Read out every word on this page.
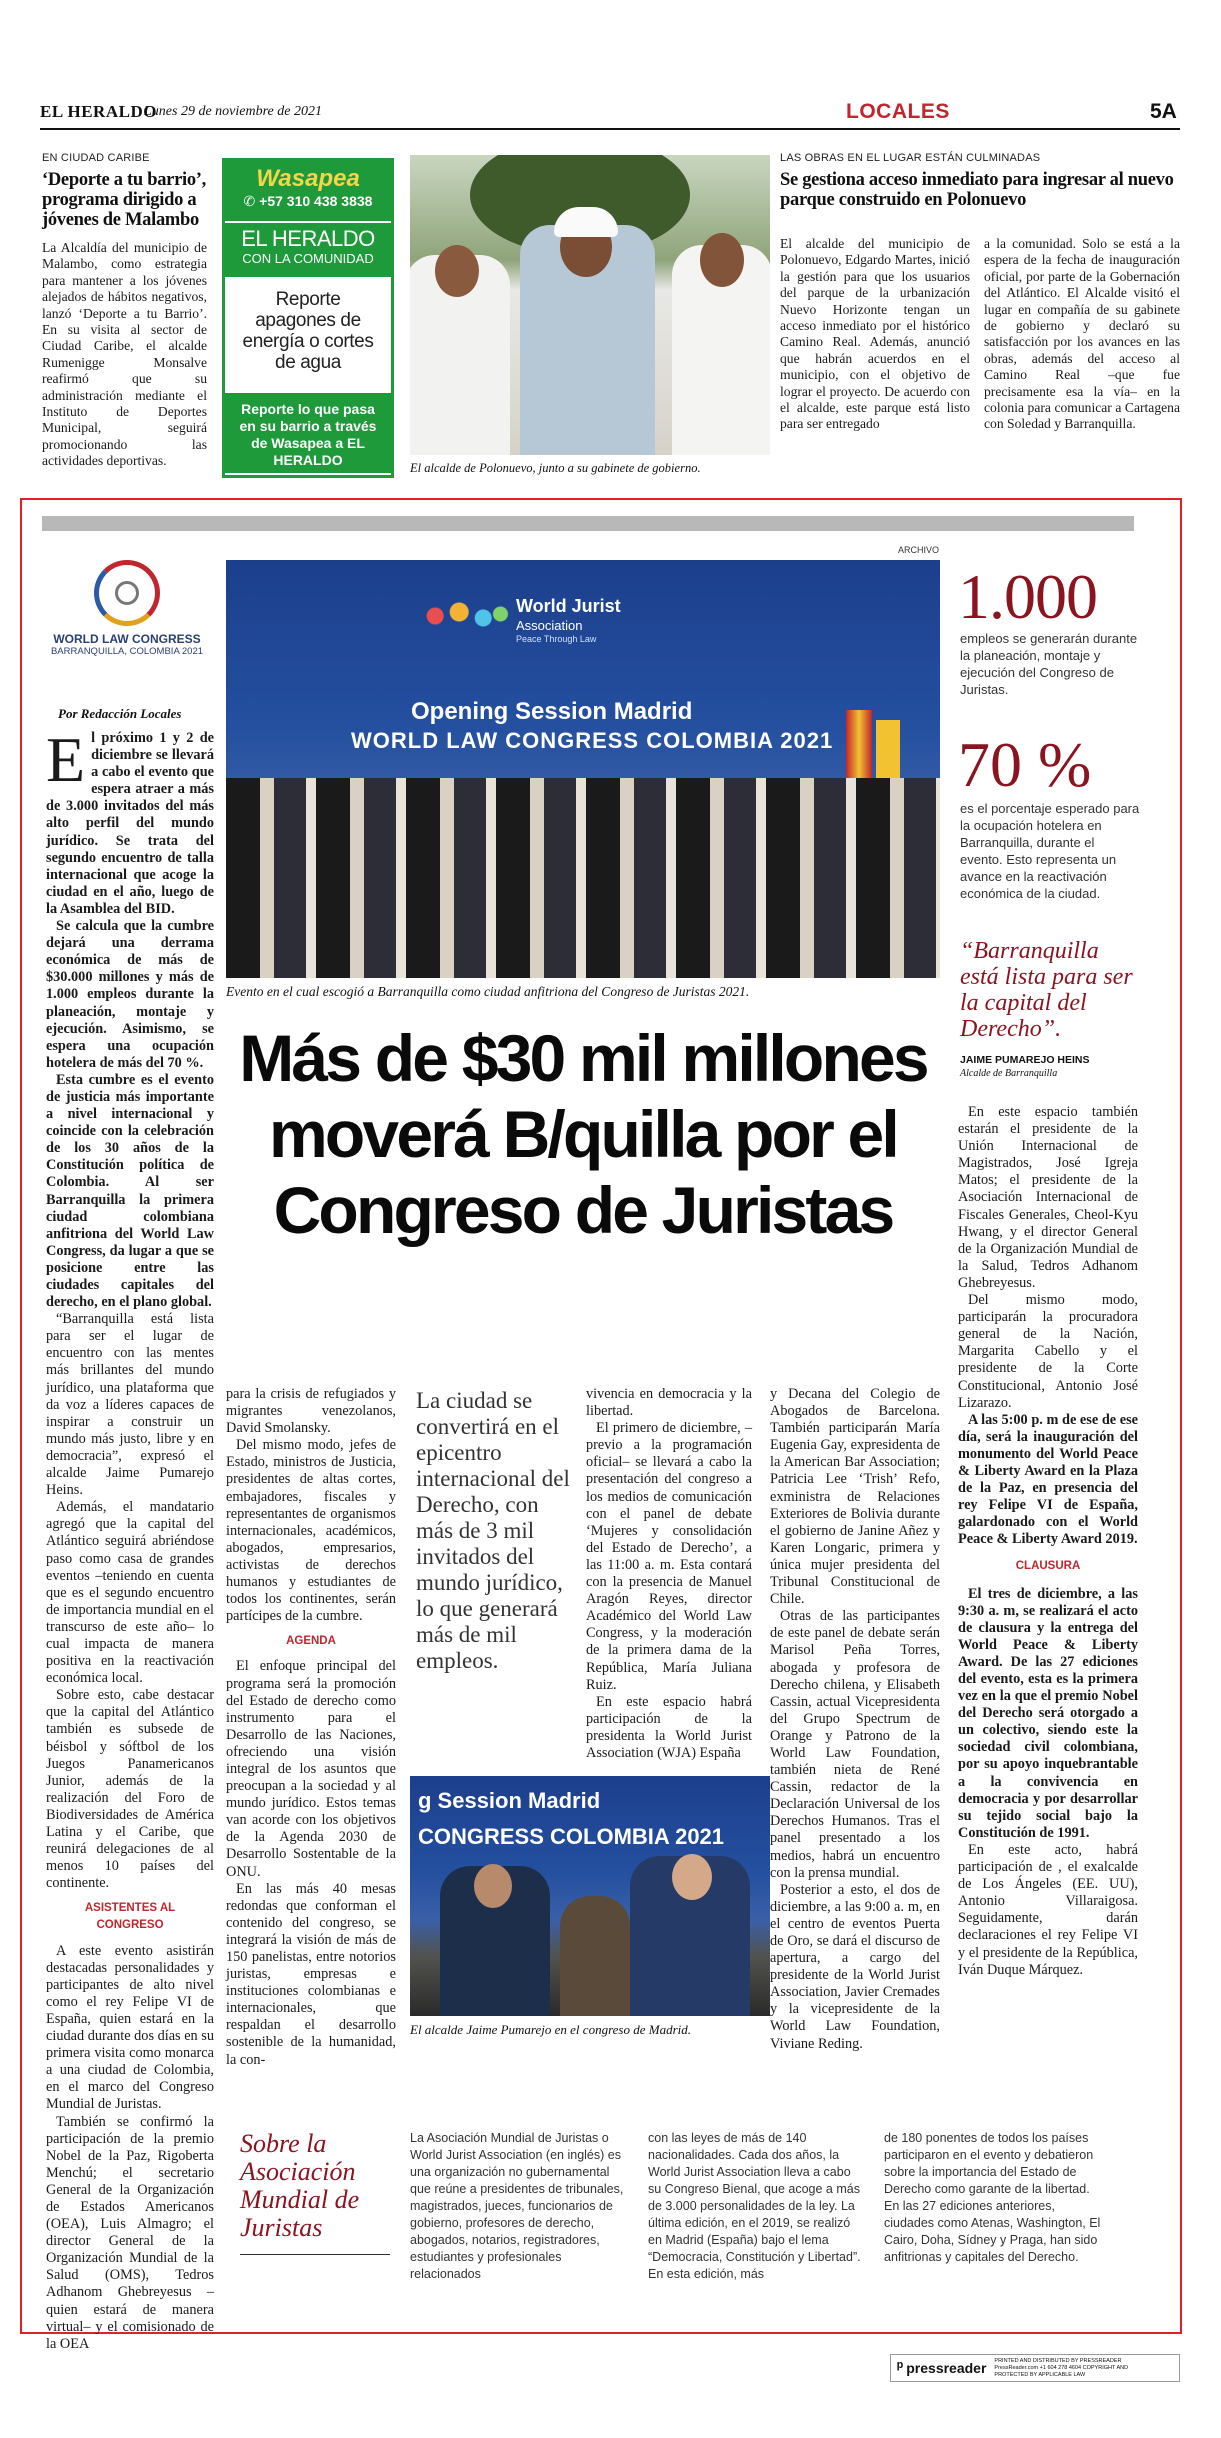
EL HERALDO
Lunes 29 de noviembre de 2021	LOCALES	5A
EN CIUDAD CARIBE
‘Deporte a tu barrio’, programa dirigido a jóvenes de Malambo
La Alcaldía del municipio de Malambo, como estrategia para mantener a los jóvenes alejados de hábitos negativos, lanzó ‘Deporte a tu Barrio’. En su visita al sector de Ciudad Caribe, el alcalde Rumenigge Monsalve reafirmó que su administración mediante el Instituto de Deportes Municipal, seguirá promocionando las actividades deportivas.
Wasapea
✆ +57 310 438 3838
EL HERALDO
CON LA COMUNIDAD
Reporte apagones de energía o cortes de agua
Reporte lo que pasa en su barrio a través de Wasapea a EL HERALDO	El alcalde de Polonuevo, junto a su gabinete de gobierno.
LAS OBRAS EN EL LUGAR ESTÁN CULMINADAS
Se gestiona acceso inmediato para ingresar al nuevo parque construido en Polonuevo
El alcalde del municipio de Polonuevo, Edgardo Martes, inició la gestión para que los usuarios del parque de la urbanización Nuevo Horizonte tengan un acceso inmediato por el histórico Camino Real. Además, anunció que habrán acuerdos en el municipio, con el objetivo de lograr el proyecto. De acuerdo con el alcalde, este parque está listo para ser entregado
a la comunidad. Solo se está a la espera de la fecha de inauguración oficial, por parte de la Gobernación del Atlántico. El Alcalde visitó el lugar en compañía de su gabinete de gobierno y declaró su satisfacción por los avances en las obras, además del acceso al Camino Real –que fue precisamente esa la vía– en la colonia para comunicar a Cartagena con Soledad y Barranquilla.
WORLD LAW CONGRESS
BARRANQUILLA, COLOMBIA 2021
Por Redacción Locales
ARCHIVO
World Jurist
Association
Peace Through Law
Opening Session Madrid
WORLD LAW CONGRESS COLOMBIA 2021
Evento en el cual escogió a Barranquilla como ciudad anfitriona del Congreso de Juristas 2021.
Más de $30 mil millones moverá B/quilla por el Congreso de Juristas
1.000
empleos se generarán durante la planeación, montaje y ejecución del Congreso de Juristas.
70 %
es el porcentaje esperado para la ocupación hotelera en Barranquilla, durante el evento. Esto representa un avance en la reactivación económica de la ciudad.
“Barranquilla está lista para ser la capital del Derecho”.
JAIME PUMAREJO HEINS
Alcalde de Barranquilla
E l próximo 1 y 2 de diciembre se llevará a cabo el evento que espera atraer a más de 3.000 invitados del más alto perfil del mundo jurídico. Se trata del segundo encuentro de talla internacional que acoge la ciudad en el año, luego de la Asamblea del BID.

Se calcula que la cumbre dejará una derrama económica de más de $30.000 millones y más de 1.000 empleos durante la planeación, montaje y ejecución. Asimismo, se espera una ocupación hotelera de más del 70 %.

Esta cumbre es el evento de justicia más importante a nivel internacional y coincide con la celebración de los 30 años de la Constitución política de Colombia. Al ser Barranquilla la primera ciudad colombiana anfitriona del World Law Congress, da lugar a que se posicione entre las ciudades capitales del derecho, en el plano global.

“Barranquilla está lista para ser el lugar de encuentro con las mentes más brillantes del mundo jurídico, una plataforma que da voz a líderes capaces de inspirar a construir un mundo más justo, libre y en democracia”, expresó el alcalde Jaime Pumarejo Heins.

Además, el mandatario agregó que la capital del Atlántico seguirá abriéndose paso como casa de grandes eventos –teniendo en cuenta que es el segundo encuentro de importancia mundial en el transcurso de este año– lo cual impacta de manera positiva en la reactivación económica local.

Sobre esto, cabe destacar que la capital del Atlántico también es subsede de béisbol y sóftbol de los Juegos Panamericanos Junior, además de la realización del Foro de Biodiversidades de América Latina y el Caribe, que reunirá delegaciones de al menos 10 países del continente.

ASISTENTES AL CONGRESO

A este evento asistirán destacadas personalidades y participantes de alto nivel como el rey Felipe VI de España, quien estará en la ciudad durante dos días en su primera visita como monarca a una ciudad de Colombia, en el marco del Congreso Mundial de Juristas.

También se confirmó la participación de la premio Nobel de la Paz, Rigoberta Menchú; el secretario General de la Organización de Estados Americanos (OEA), Luis Almagro; el director General de la Organización Mundial de la Salud (OMS), Tedros Adhanom Ghebreyesus –quien estará de manera virtual– y el comisionado de la OEA

para la crisis de refugiados y migrantes venezolanos, David Smolansky.

Del mismo modo, jefes de Estado, ministros de Justicia, presidentes de altas cortes, embajadores, fiscales y representantes de organismos internacionales, académicos, abogados, empresarios, activistas de derechos humanos y estudiantes de todos los continentes, serán partícipes de la cumbre.

AGENDA

El enfoque principal del programa será la promoción del Estado de derecho como instrumento para el Desarrollo de las Naciones, ofreciendo una visión integral de los asuntos que preocupan a la sociedad y al mundo jurídico. Estos temas van acorde con los objetivos de la Agenda 2030 de Desarrollo Sostentable de la ONU.

En las más 40 mesas redondas que conforman el contenido del congreso, se integrará la visión de más de 150 panelistas, entre notorios juristas, empresas e instituciones colombianas e internacionales, que respaldan el desarrollo sostenible de la humanidad, la con-

La ciudad se convertirá en el epicentro internacional del Derecho, con más de 3 mil invitados del mundo jurídico, lo que generará más de mil empleos.
vivencia en democracia y la libertad.

El primero de diciembre, –previo a la programación oficial– se llevará a cabo la presentación del congreso a los medios de comunicación con el panel de debate ‘Mujeres y consolidación del Estado de Derecho’, a las 11:00 a. m. Esta contará con la presencia de Manuel Aragón Reyes, director Académico del World Law Congress, y la moderación de la primera dama de la República, María Juliana Ruiz.

En este espacio habrá participación de la presidenta la World Jurist Association (WJA) España

y Decana del Colegio de Abogados de Barcelona. También participarán María Eugenia Gay, expresidenta de la American Bar Association; Patricia Lee ‘Trish’ Refo, exministra de Relaciones Exteriores de Bolivia durante el gobierno de Janine Añez y Karen Longaric, primera y única mujer presidenta del Tribunal Constitucional de Chile.

Otras de las participantes de este panel de debate serán Marisol Peña Torres, abogada y profesora de Derecho chilena, y Elisabeth Cassin, actual Vicepresidenta del Grupo Spectrum de Orange y Patrono de la World Law Foundation, también nieta de René Cassin, redactor de la Declaración Universal de los Derechos Humanos. Tras el panel presentado a los medios, habrá un encuentro con la prensa mundial.

Posterior a esto, el dos de diciembre, a las 9:00 a. m, en el centro de eventos Puerta de Oro, se dará el discurso de apertura, a cargo del presidente de la World Jurist Association, Javier Cremades y la vicepresidente de la World Law Foundation, Viviane Reding.

En este espacio también estarán el presidente de la Unión Internacional de Magistrados, José Igreja Matos; el presidente de la Asociación Internacional de Fiscales Generales, Cheol-Kyu Hwang, y el director General de la Organización Mundial de la Salud, Tedros Adhanom Ghebreyesus.

Del mismo modo, participarán la procuradora general de la Nación, Margarita Cabello y el presidente de la Corte Constitucional, Antonio José Lizarazo.

A las 5:00 p. m de ese de ese día, será la inauguración del monumento del World Peace & Liberty Award en la Plaza de la Paz, en presencia del rey Felipe VI de España, galardonado con el World Peace & Liberty Award 2019.

CLAUSURA

El tres de diciembre, a las 9:30 a. m, se realizará el acto de clausura y la entrega del World Peace & Liberty Award. De las 27 ediciones del evento, esta es la primera vez en la que el premio Nobel del Derecho será otorgado a un colectivo, siendo este la sociedad civil colombiana, por su apoyo inquebrantable a la convivencia en democracia y por desarrollar su tejido social bajo la Constitución de 1991.

En este acto, habrá participación de , el exalcalde de Los Ángeles (EE. UU), Antonio Villaraigosa. Seguidamente, darán declaraciones el rey Felipe VI y el presidente de la República, Iván Duque Márquez.

g Session Madrid
CONGRESS COLOMBIA 2021
El alcalde Jaime Pumarejo en el congreso de Madrid.
Sobre la Asociación Mundial de Juristas
La Asociación Mundial de Juristas o World Jurist Association (en inglés) es una organización no gubernamental que reúne a presidentes de tribunales, magistrados, jueces, funcionarios de gobierno, profesores de derecho, abogados, notarios, registradores, estudiantes y profesionales relacionados
con las leyes de más de 140 nacionalidades. Cada dos años, la World Jurist Association lleva a cabo su Congreso Bienal, que acoge a más de 3.000 personalidades de la ley. La última edición, en el 2019, se realizó en Madrid (España) bajo el lema “Democracia, Constitución y Libertad”. En esta edición, más
de 180 ponentes de todos los países participaron en el evento y debatieron sobre la importancia del Estado de Derecho como garante de la libertad. En las 27 ediciones anteriores, ciudades como Atenas, Washington, El Cairo, Doha, Sídney y Praga, han sido anfitrionas y capitales del Derecho.
ᵖ pressreader PRINTED AND DISTRIBUTED BY PRESSREADER PressReader.com +1 604 278 4604 COPYRIGHT AND PROTECTED BY APPLICABLE LAW
